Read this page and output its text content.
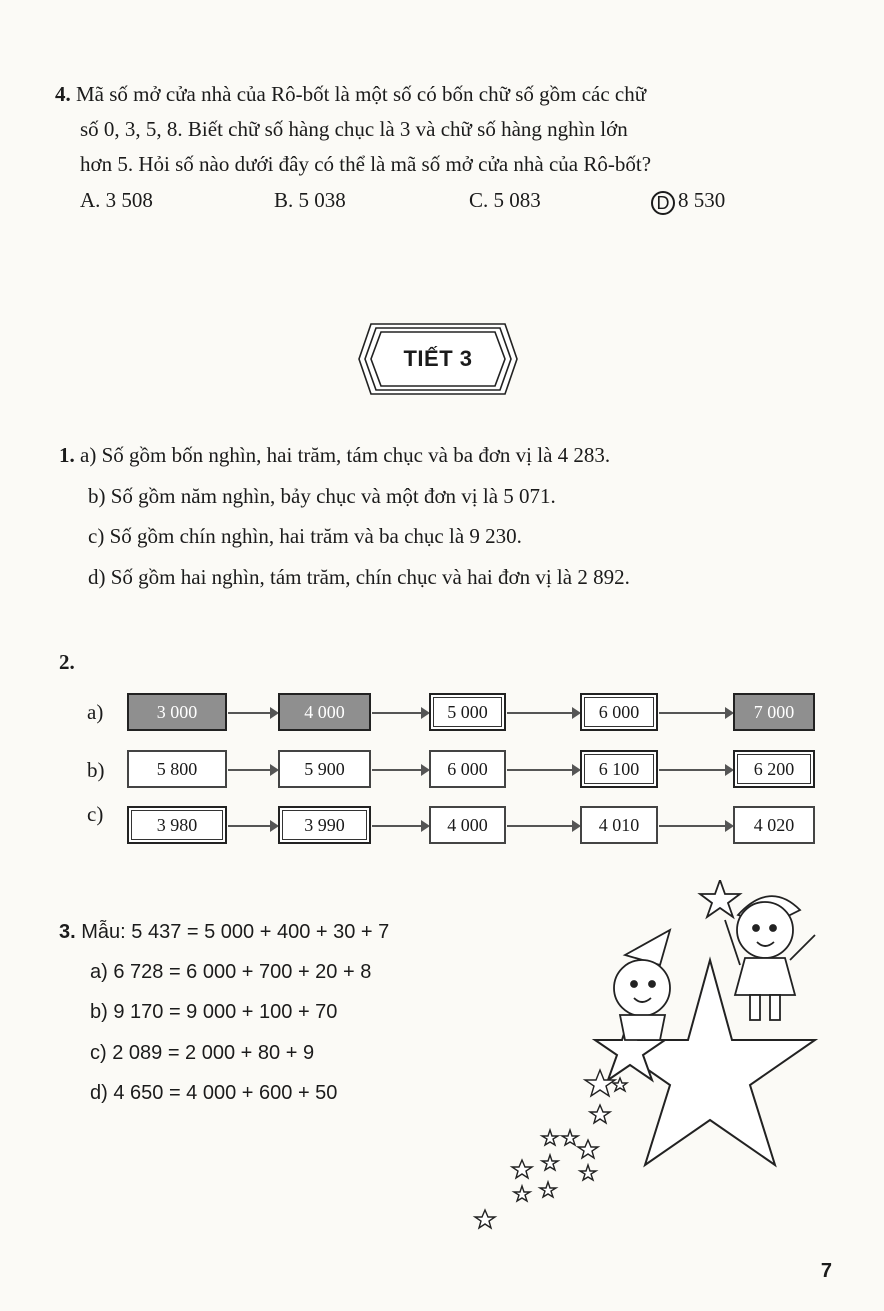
4. Mã số mở cửa nhà của Rô-bốt là một số có bốn chữ số gồm các chữ
số 0, 3, 5, 8. Biết chữ số hàng chục là 3 và chữ số hàng nghìn lớn
hơn 5. Hỏi số nào dưới đây có thể là mã số mở cửa nhà của Rô-bốt?
A. 3 508	B. 5 038	C. 5 083	D 8 530
TIẾT 3
1. a) Số gồm bốn nghìn, hai trăm, tám chục và ba đơn vị là 4 283.
b) Số gồm năm nghìn, bảy chục và một đơn vị là 5 071.
c) Số gồm chín nghìn, hai trăm và ba chục là 9 230.
d) Số gồm hai nghìn, tám trăm, chín chục và hai đơn vị là 2 892.
2.
a)
b)
c)
3 000	4 000	5 000	6 000	7 000
5 800	5 900	6 000	6 100	6 200
3 980	3 990	4 000	4 010	4 020
3. Mẫu: 5 437 = 5 000 + 400 + 30 + 7
a) 6 728 = 6 000 + 700 + 20 + 8
b) 9 170 = 9 000 + 100 + 70
c) 2 089 = 2 000 + 80 + 9
d) 4 650 = 4 000 + 600 + 50
7
